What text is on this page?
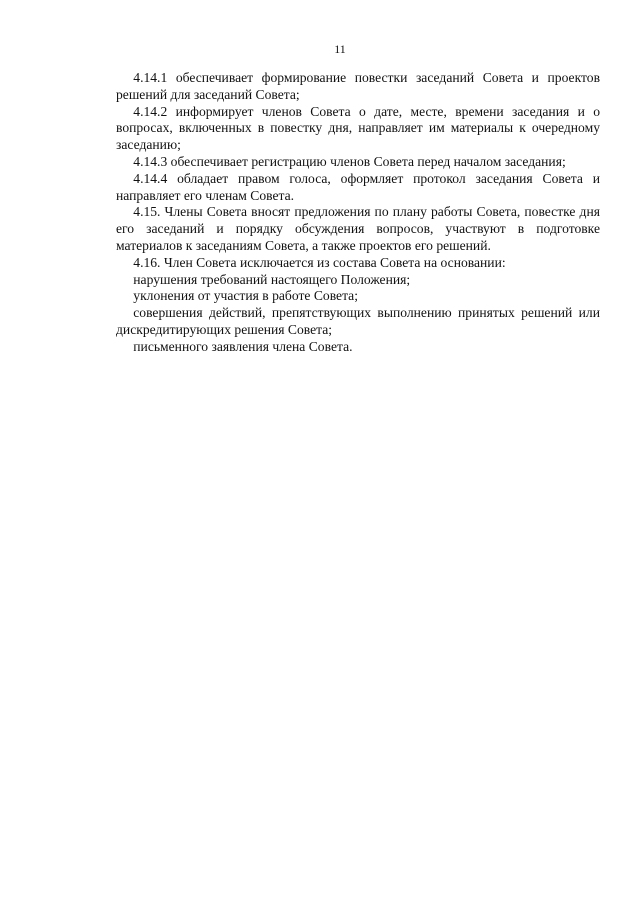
11

4.14.1 обеспечивает формирование повестки заседаний Совета и проектов решений для заседаний Совета;

4.14.2 информирует членов Совета о дате, месте, времени заседания и о вопросах, включенных в повестку дня, направляет им материалы к очередному заседанию;

4.14.3 обеспечивает регистрацию членов Совета перед началом заседания;

4.14.4 обладает правом голоса, оформляет протокол заседания Совета и направляет его членам Совета.

4.15. Члены Совета вносят предложения по плану работы Совета, повестке дня его заседаний и порядку обсуждения вопросов, участвуют в подготовке материалов к заседаниям Совета, а также проектов его решений.

4.16. Член Совета исключается из состава Совета на основании:

нарушения требований настоящего Положения;

уклонения от участия в работе Совета;

совершения действий, препятствующих выполнению принятых решений или дискредитирующих решения Совета;

письменного заявления члена Совета.
